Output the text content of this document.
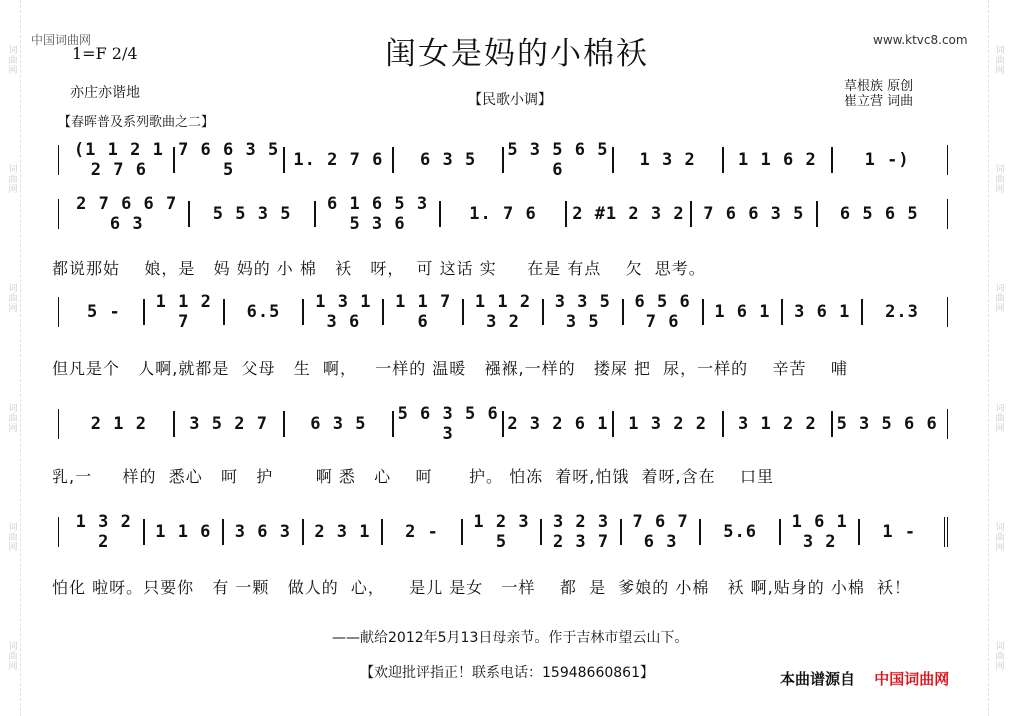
词曲网
词曲网
词曲网
词曲网
词曲网
词曲网
词曲网
词曲网
词曲网
词曲网
词曲网
词曲网
中国词曲网
1=F 2/4	闺女是妈的小棉袄	www.ktvc8.com
亦庄亦谐地	【民歌小调】
草根族 原创
崔立营 词曲
【春晖普及系列歌曲之二】
(1 1 2 1 2 7 6
7 6 6 3 5 5	1. 2 7 6	6 3 5	5 3 5 6 5 6	1 3 2	1 1 6 2	1 -)
2 7 6 6 7 6 3	5 5 3 5	6 1 6 5 3 5 3 6	1. 7 6	2 #1 2 3 2	7 6 6 3 5	6 5 6 5
都说那姑    娘，是   妈 妈的 小 棉   袄   呀，  可 这话 实     在是 有点    欠  思考。
5 -	1 1 2 7	6.5	1 3 1 3 6
1 1 7 6
1 1 2 3 2
3 3 5 3 5
6 5 6 7 6	1 6 1	3 6 1	2.3
但凡是个   人啊,就都是  父母   生  啊，   一样的 温暖   襁褓,一样的   搂屎 把  尿，一样的    辛苦    哺
2 1 2	3 5 2 7	6 3 5	5 6 3 5 6 3	2 3 2 6 1	1 3 2 2	3 1 2 2	5 3 5 6 6
乳,一     样的  悉心   呵   护       啊 悉   心    呵      护。 怕冻  着呀,怕饿  着呀,含在    口里
1 3 2 2	1 1 6	3 6 3	2 3 1	2 -	1 2 3 5
3 2 3 2 3 7
7 6 7 6 3	5.6	1 6 1 3 2	1 -
怕化 啦呀。只要你   有 一颗   做人的  心，    是儿 是女   一样    都  是  爹娘的 小棉   袄 啊,贴身的 小棉  袄！
——献给2012年5月13日母亲节。作于吉林市望云山下。
【欢迎批评指正！联系电话：15948660861】	本曲谱源自 中国词曲网
